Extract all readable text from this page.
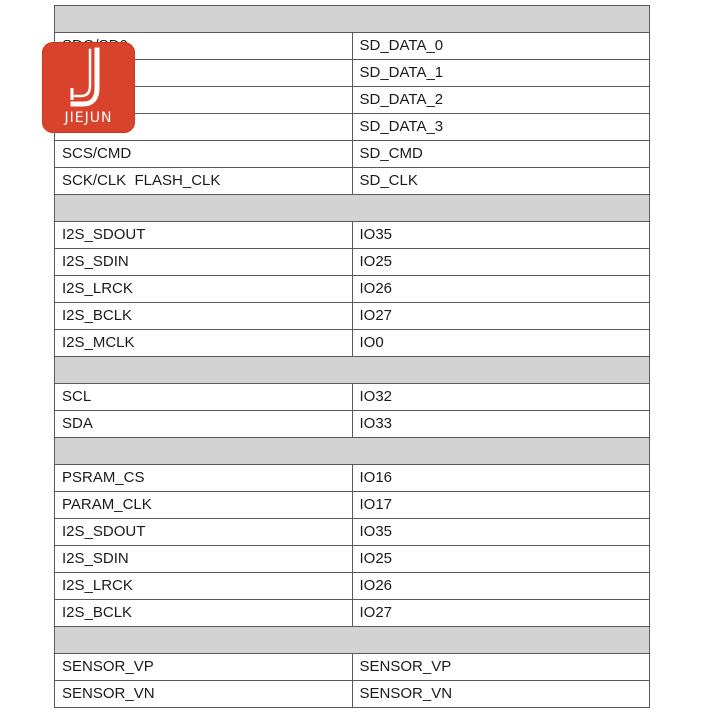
	SD_DATA_0
	SD_DATA_1
	SD_DATA_2
	SD_DATA_3
SCS/CMD	SD_CMD
SCK/CLK  FLASH_CLK	SD_CLK

I2S_SDOUT	IO35
I2S_SDIN	IO25
I2S_LRCK	IO26
I2S_BCLK	IO27
I2S_MCLK	IO0

SCL	IO32
SDA	IO33

PSRAM_CS	IO16
PARAM_CLK	IO17
I2S_SDOUT	IO35
I2S_SDIN	IO25
I2S_LRCK	IO26
I2S_BCLK	IO27

SENSOR_VP	SENSOR_VP
SENSOR_VN	SENSOR_VN
JIEJUN
